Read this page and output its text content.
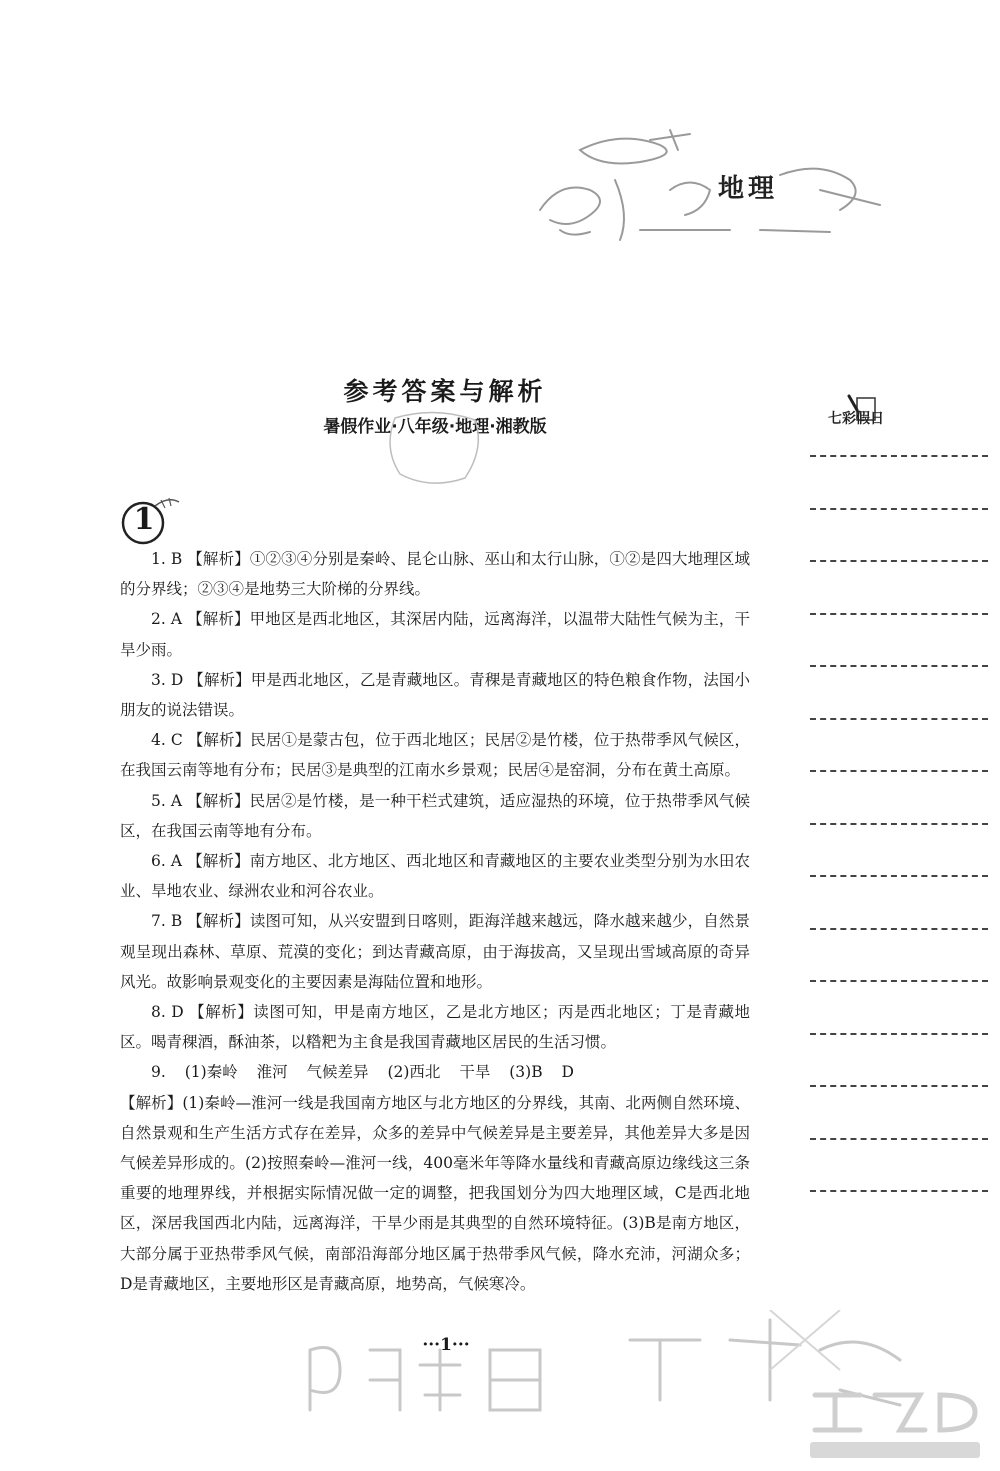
地理
参考答案与解析
暑假作业·八年级·地理·湘教版	七彩假日
1

1. B 【解析】①②③④分别是秦岭、昆仑山脉、巫山和太行山脉，①②是四大地理区域的分界线；②③④是地势三大阶梯的分界线。

2. A 【解析】甲地区是西北地区，其深居内陆，远离海洋，以温带大陆性气候为主，干旱少雨。

3. D 【解析】甲是西北地区，乙是青藏地区。青稞是青藏地区的特色粮食作物，法国小朋友的说法错误。

4. C 【解析】民居①是蒙古包，位于西北地区；民居②是竹楼，位于热带季风气候区，在我国云南等地有分布；民居③是典型的江南水乡景观；民居④是窑洞，分布在黄土高原。

5. A 【解析】民居②是竹楼，是一种干栏式建筑，适应湿热的环境，位于热带季风气候区，在我国云南等地有分布。

6. A 【解析】南方地区、北方地区、西北地区和青藏地区的主要农业类型分别为水田农业、旱地农业、绿洲农业和河谷农业。

7. B 【解析】读图可知，从兴安盟到日喀则，距海洋越来越远，降水越来越少，自然景观呈现出森林、草原、荒漠的变化；到达青藏高原，由于海拔高，又呈现出雪域高原的奇异风光。故影响景观变化的主要因素是海陆位置和地形。

8. D 【解析】读图可知，甲是南方地区，乙是北方地区；丙是西北地区；丁是青藏地区。喝青稞酒，酥油茶，以糌粑为主食是我国青藏地区居民的生活习惯。

9. (1)秦岭 淮河 气候差异 (2)西北 干旱 (3)B D

【解析】(1)秦岭—淮河一线是我国南方地区与北方地区的分界线，其南、北两侧自然环境、自然景观和生产生活方式存在差异，众多的差异中气候差异是主要差异，其他差异大多是因气候差异形成的。(2)按照秦岭—淮河一线，400毫米年等降水量线和青藏高原边缘线这三条重要的地理界线，并根据实际情况做一定的调整，把我国划分为四大地理区域，C是西北地区，深居我国西北内陆，远离海洋，干旱少雨是其典型的自然环境特征。(3)B是南方地区，大部分属于亚热带季风气候，南部沿海部分地区属于热带季风气候，降水充沛，河湖众多；D是青藏地区，主要地形区是青藏高原，地势高，气候寒冷。

···1···
